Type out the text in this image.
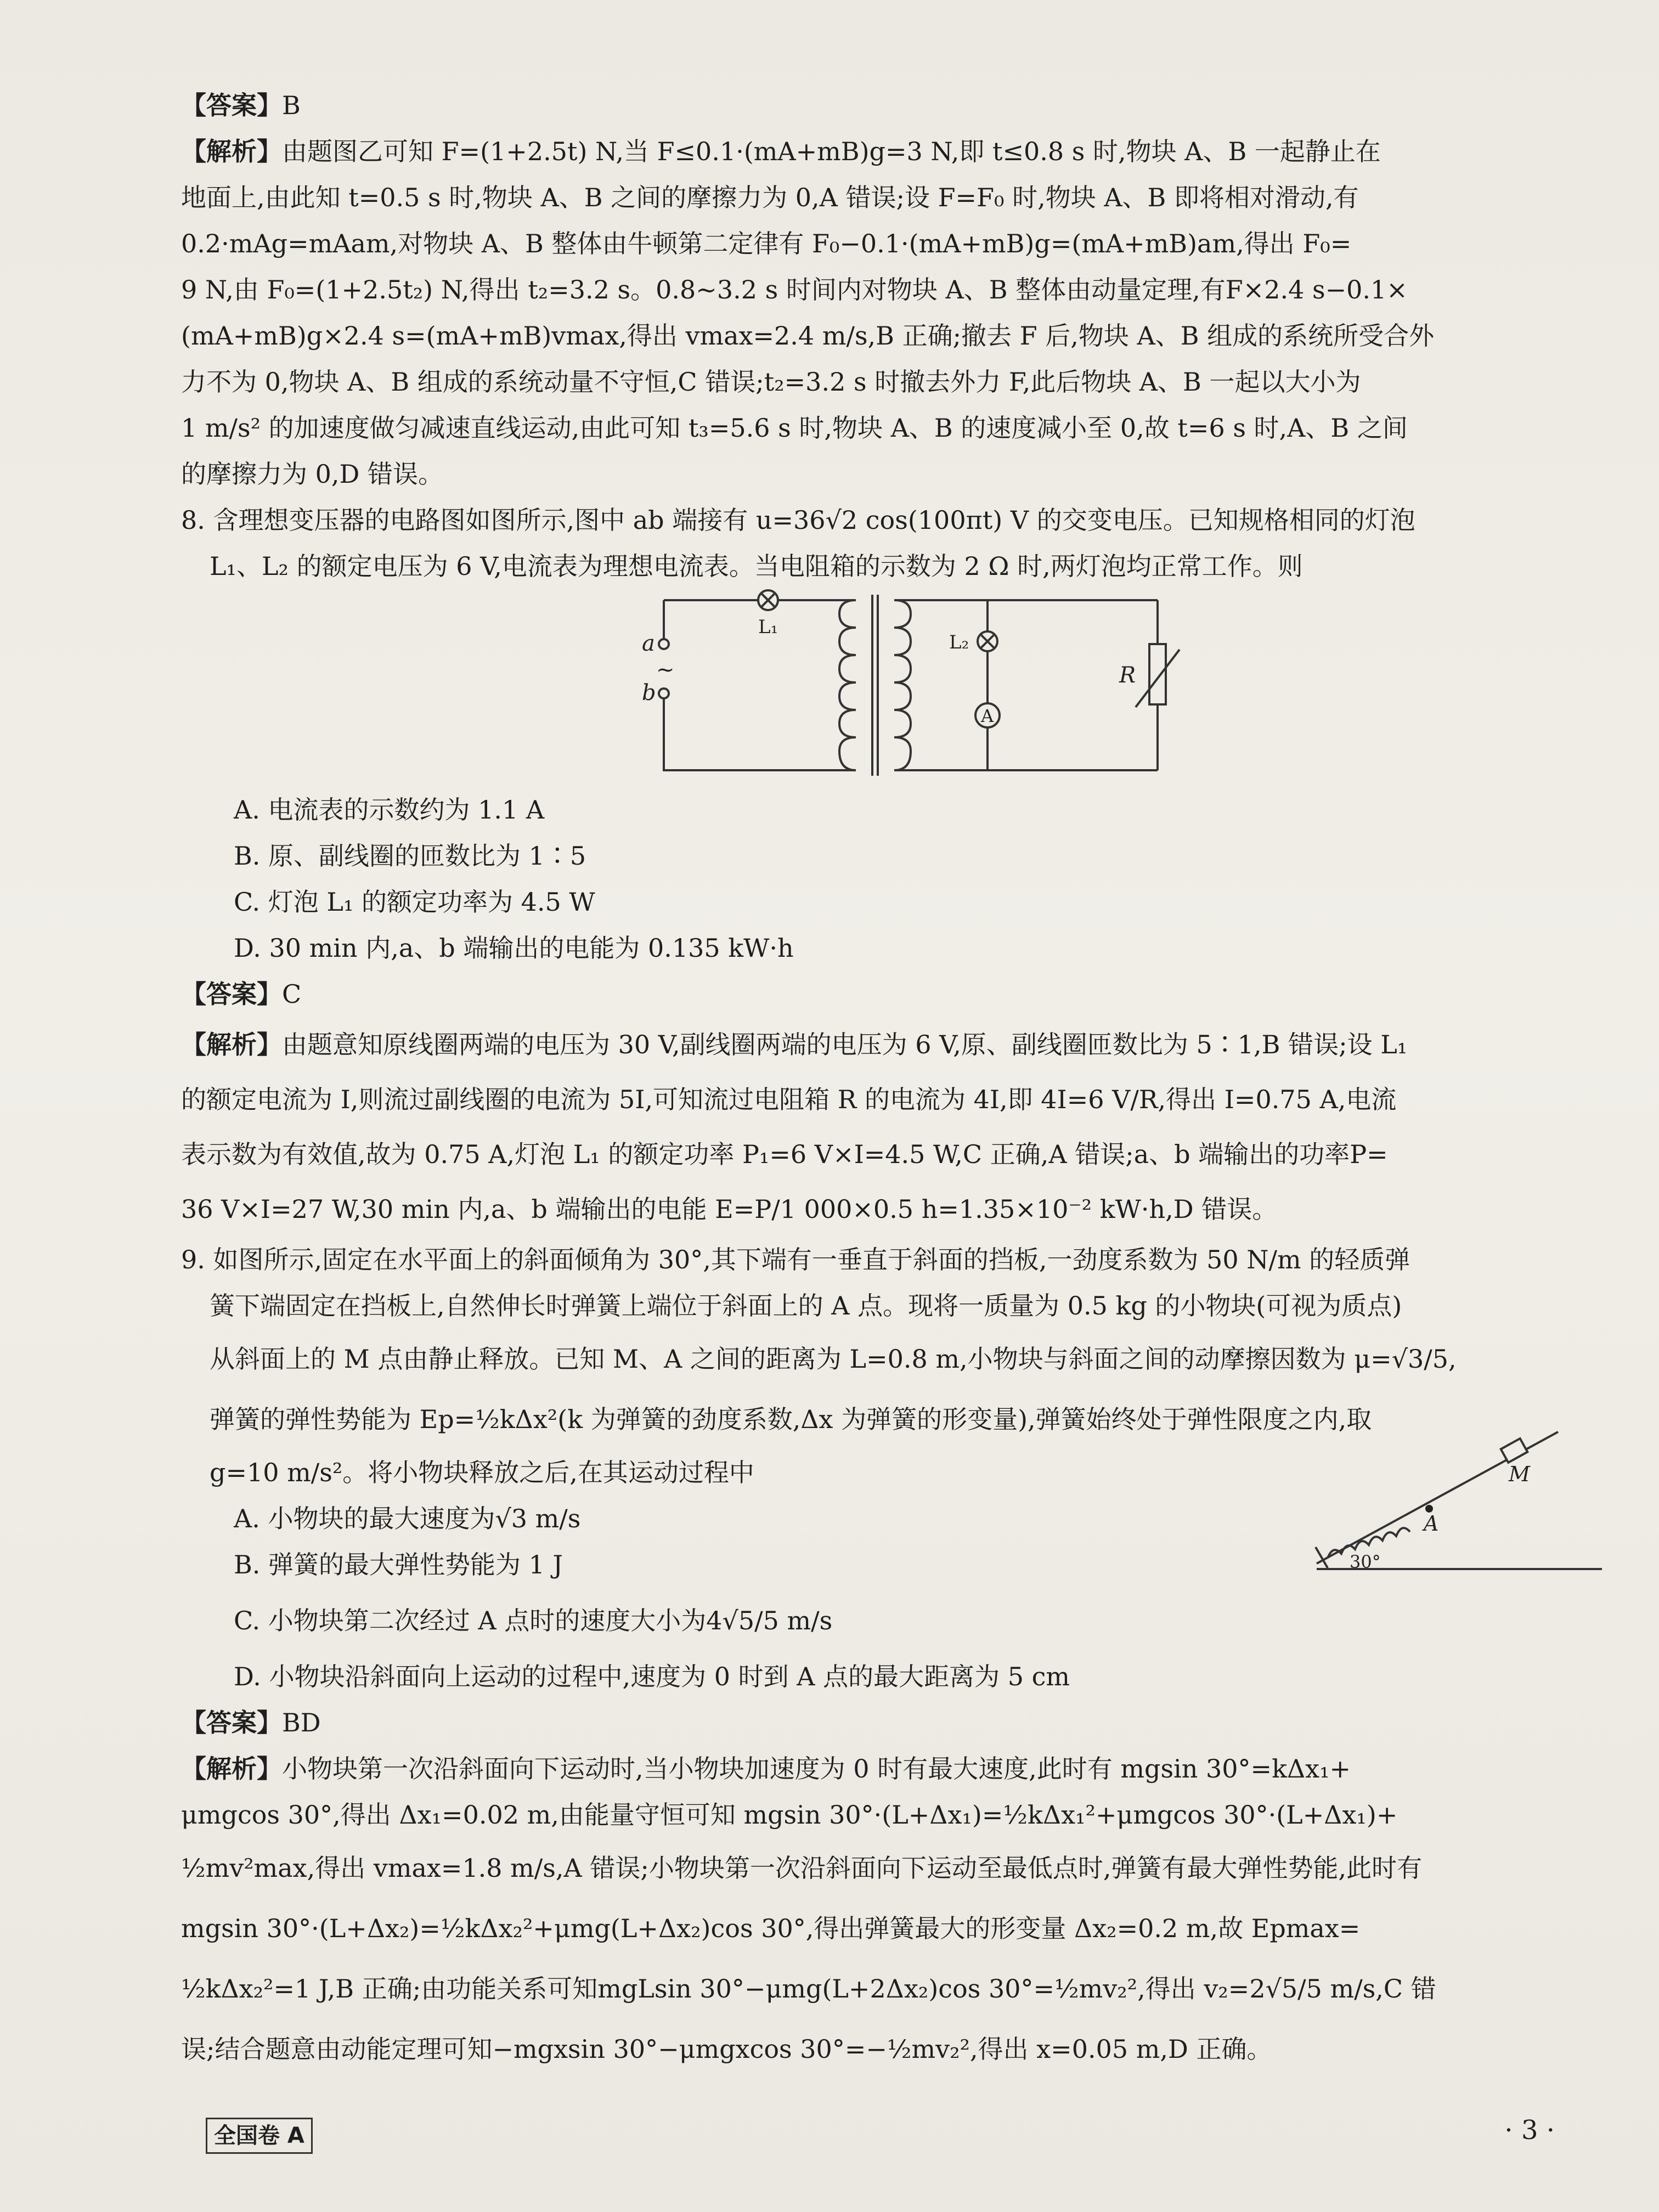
【答案】B

【解析】由题图乙可知 F=(1+2.5t) N,当 F≤0.1·(mA+mB)g=3 N,即 t≤0.8 s 时,物块 A、B 一起静止在

地面上,由此知 t=0.5 s 时,物块 A、B 之间的摩擦力为 0,A 错误;设 F=F₀ 时,物块 A、B 即将相对滑动,有

0.2·mAg=mAam,对物块 A、B 整体由牛顿第二定律有 F₀−0.1·(mA+mB)g=(mA+mB)am,得出 F₀=

9 N,由 F₀=(1+2.5t₂) N,得出 t₂=3.2 s。0.8~3.2 s 时间内对物块 A、B 整体由动量定理,有F×2.4 s−0.1×

(mA+mB)g×2.4 s=(mA+mB)vmax,得出 vmax=2.4 m/s,B 正确;撤去 F 后,物块 A、B 组成的系统所受合外

力不为 0,物块 A、B 组成的系统动量不守恒,C 错误;t₂=3.2 s 时撤去外力 F,此后物块 A、B 一起以大小为

1 m/s² 的加速度做匀减速直线运动,由此可知 t₃=5.6 s 时,物块 A、B 的速度减小至 0,故 t=6 s 时,A、B 之间

的摩擦力为 0,D 错误。

8. 含理想变压器的电路图如图所示,图中 ab 端接有 u=36√2 cos(100πt) V 的交变电压。已知规格相同的灯泡

L₁、L₂ 的额定电压为 6 V,电流表为理想电流表。当电阻箱的示数为 2 Ω 时,两灯泡均正常工作。则

a
b
~
L₁
L₂
A
R

A. 电流表的示数约为 1.1 A

B. 原、副线圈的匝数比为 1∶5

C. 灯泡 L₁ 的额定功率为 4.5 W

D. 30 min 内,a、b 端输出的电能为 0.135 kW·h

【答案】C

【解析】由题意知原线圈两端的电压为 30 V,副线圈两端的电压为 6 V,原、副线圈匝数比为 5∶1,B 错误;设 L₁

的额定电流为 I,则流过副线圈的电流为 5I,可知流过电阻箱 R 的电流为 4I,即 4I=6 V/R,得出 I=0.75 A,电流

表示数为有效值,故为 0.75 A,灯泡 L₁ 的额定功率 P₁=6 V×I=4.5 W,C 正确,A 错误;a、b 端输出的功率P=

36 V×I=27 W,30 min 内,a、b 端输出的电能 E=P/1 000×0.5 h=1.35×10⁻² kW·h,D 错误。

9. 如图所示,固定在水平面上的斜面倾角为 30°,其下端有一垂直于斜面的挡板,一劲度系数为 50 N/m 的轻质弹

簧下端固定在挡板上,自然伸长时弹簧上端位于斜面上的 A 点。现将一质量为 0.5 kg 的小物块(可视为质点)

从斜面上的 M 点由静止释放。已知 M、A 之间的距离为 L=0.8 m,小物块与斜面之间的动摩擦因数为 μ=√3/5,

弹簧的弹性势能为 Ep=½kΔx²(k 为弹簧的劲度系数,Δx 为弹簧的形变量),弹簧始终处于弹性限度之内,取

g=10 m/s²。将小物块释放之后,在其运动过程中

A. 小物块的最大速度为√3 m/s

B. 弹簧的最大弹性势能为 1 J

C. 小物块第二次经过 A 点时的速度大小为4√5/5 m/s

D. 小物块沿斜面向上运动的过程中,速度为 0 时到 A 点的最大距离为 5 cm

【答案】BD

【解析】小物块第一次沿斜面向下运动时,当小物块加速度为 0 时有最大速度,此时有 mgsin 30°=kΔx₁+

μmgcos 30°,得出 Δx₁=0.02 m,由能量守恒可知 mgsin 30°·(L+Δx₁)=½kΔx₁²+μmgcos 30°·(L+Δx₁)+

½mv²max,得出 vmax=1.8 m/s,A 错误;小物块第一次沿斜面向下运动至最低点时,弹簧有最大弹性势能,此时有

mgsin 30°·(L+Δx₂)=½kΔx₂²+μmg(L+Δx₂)cos 30°,得出弹簧最大的形变量 Δx₂=0.2 m,故 Epmax=

½kΔx₂²=1 J,B 正确;由功能关系可知mgLsin 30°−μmg(L+2Δx₂)cos 30°=½mv₂²,得出 v₂=2√5/5 m/s,C 错

误;结合题意由动能定理可知−mgxsin 30°−μmgxcos 30°=−½mv₂²,得出 x=0.05 m,D 正确。

M
A
30°
全国卷 A	· 3 ·
